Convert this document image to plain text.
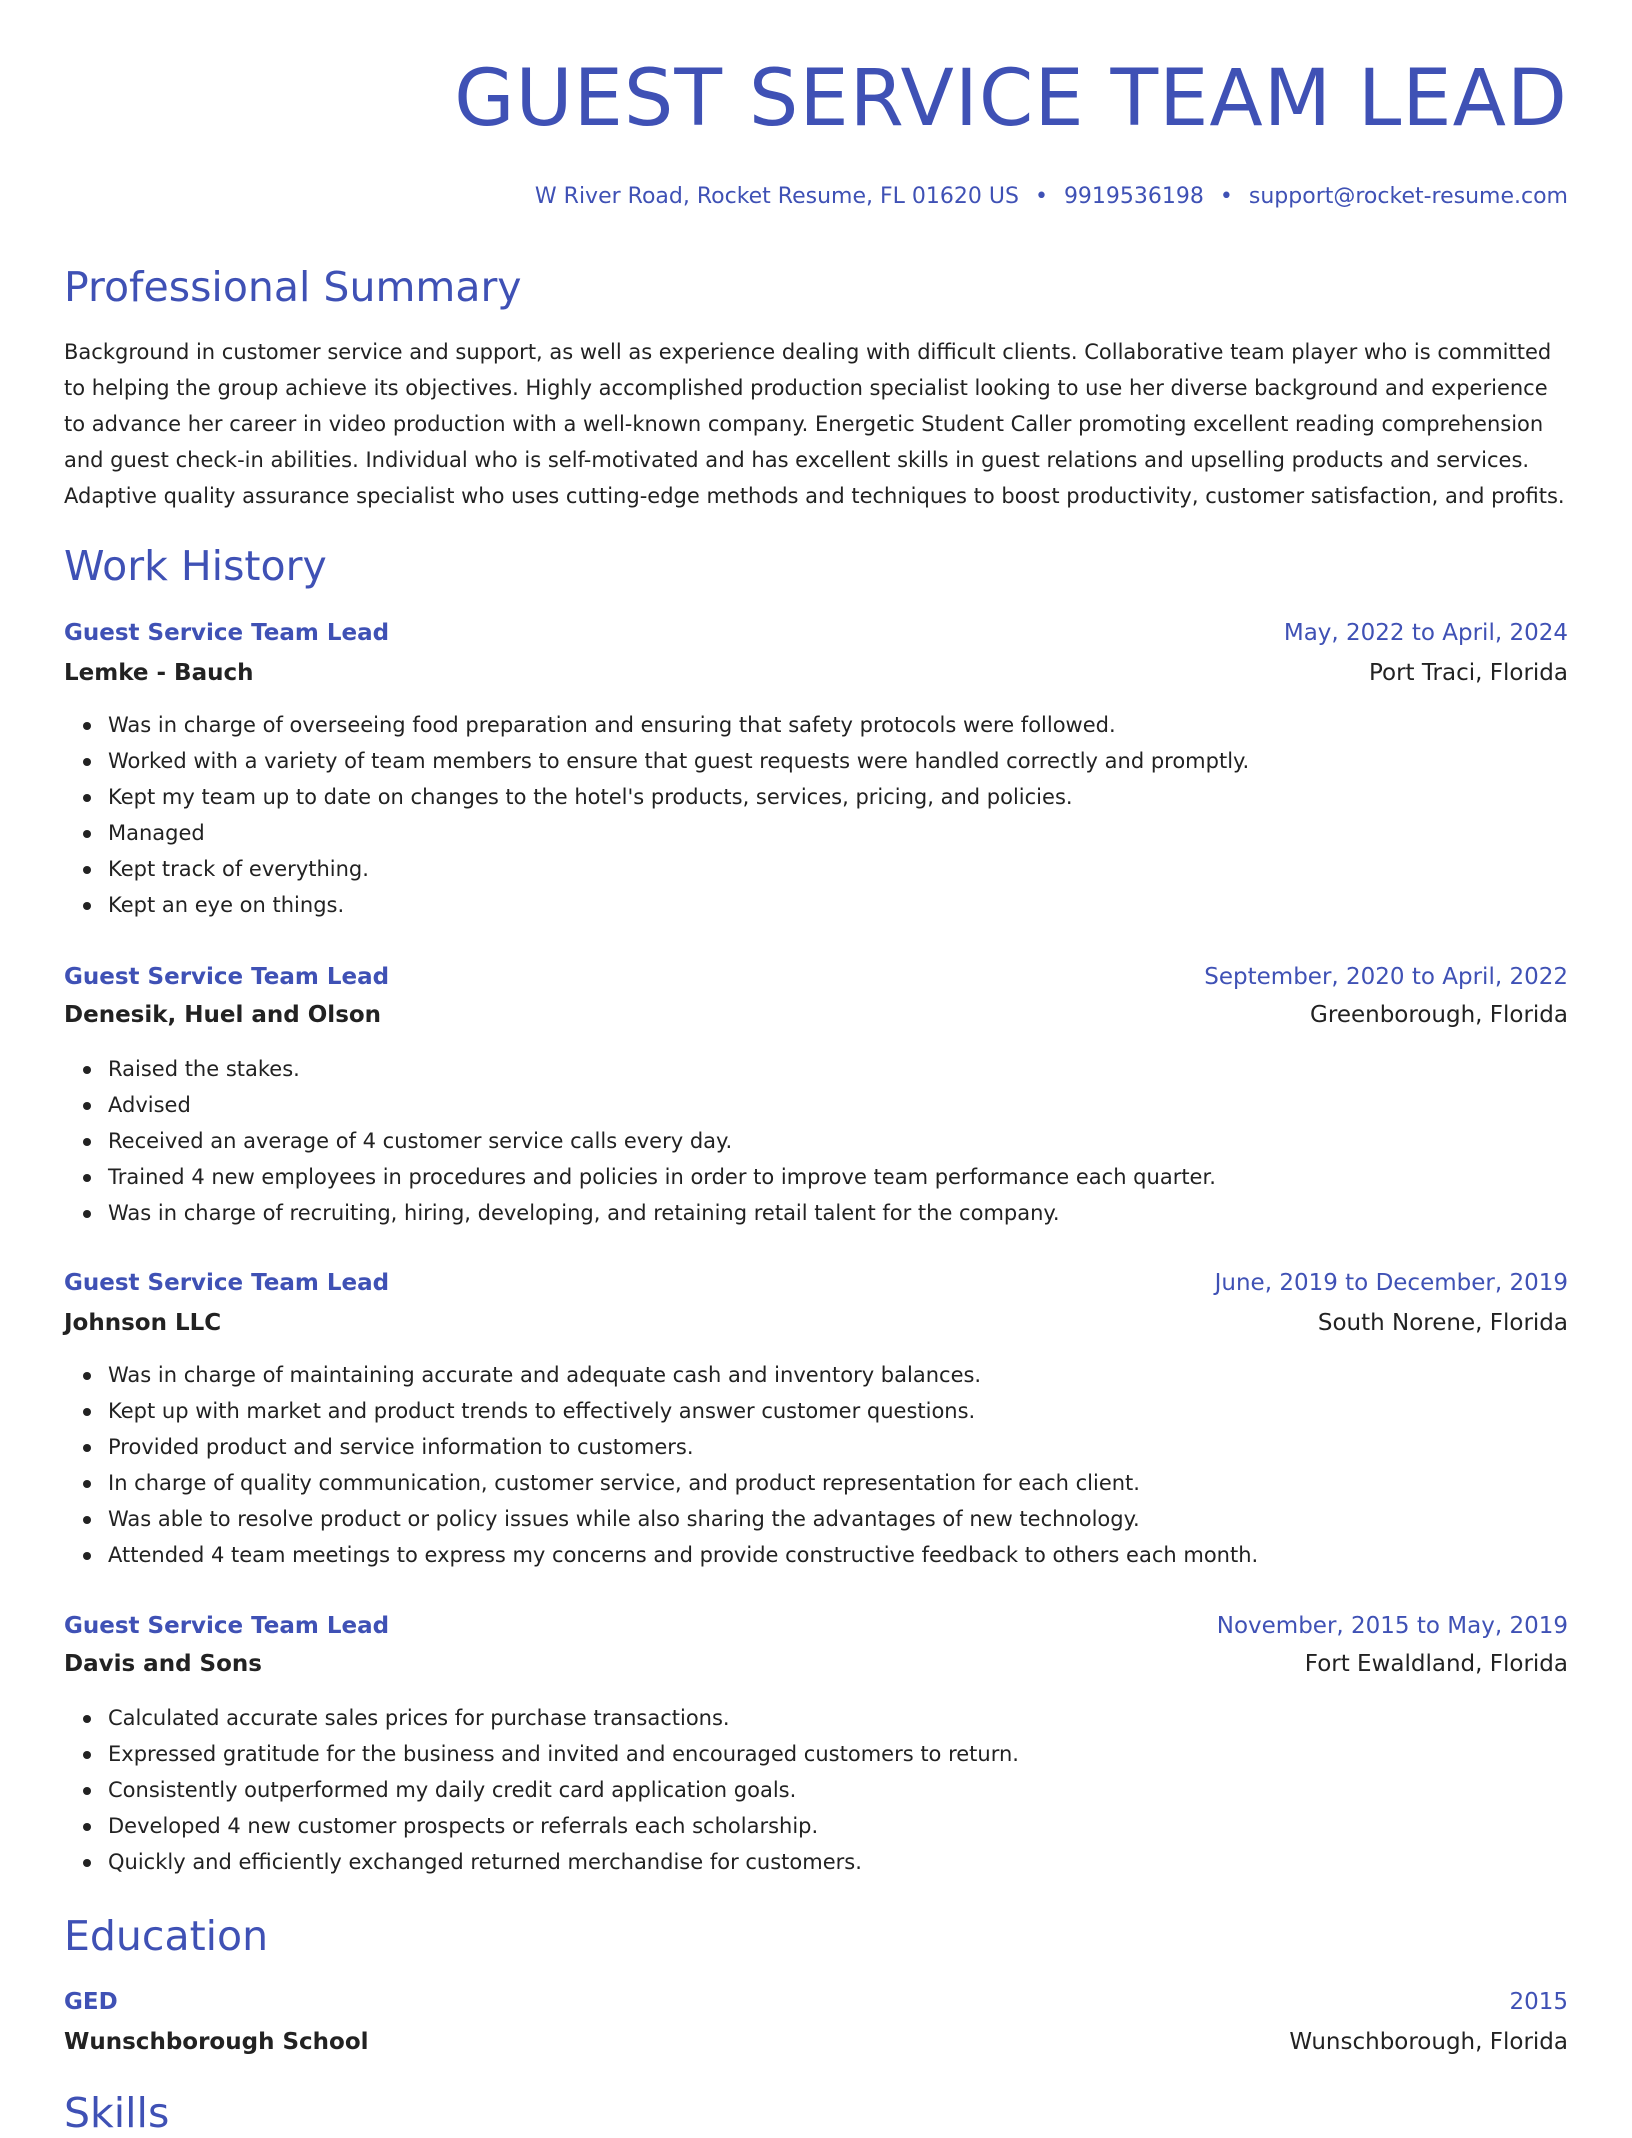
GUEST SERVICE TEAM LEAD
W River Road, Rocket Resume, FL 01620 US • 9919536198 • support@rocket-resume.com
Professional Summary

Background in customer service and support, as well as experience dealing with difficult clients. Collaborative team player who is committed to helping the group achieve its objectives. Highly accomplished production specialist looking to use her diverse background and experience to advance her career in video production with a well-known company. Energetic Student Caller promoting excellent reading comprehension and guest check-in abilities. Individual who is self-motivated and has excellent skills in guest relations and upselling products and services. Adaptive quality assurance specialist who uses cutting-edge methods and techniques to boost productivity, customer satisfaction, and profits.

Work History
Guest Service Team Lead	May, 2022 to April, 2024
Lemke - Bauch	Port Traci, Florida
Was in charge of overseeing food preparation and ensuring that safety protocols were followed.
Worked with a variety of team members to ensure that guest requests were handled correctly and promptly.
Kept my team up to date on changes to the hotel's products, services, pricing, and policies.
Managed
Kept track of everything.
Kept an eye on things.
Guest Service Team Lead	September, 2020 to April, 2022
Denesik, Huel and Olson	Greenborough, Florida
Raised the stakes.
Advised
Received an average of 4 customer service calls every day.
Trained 4 new employees in procedures and policies in order to improve team performance each quarter.
Was in charge of recruiting, hiring, developing, and retaining retail talent for the company.
Guest Service Team Lead	June, 2019 to December, 2019
Johnson LLC	South Norene, Florida
Was in charge of maintaining accurate and adequate cash and inventory balances.
Kept up with market and product trends to effectively answer customer questions.
Provided product and service information to customers.
In charge of quality communication, customer service, and product representation for each client.
Was able to resolve product or policy issues while also sharing the advantages of new technology.
Attended 4 team meetings to express my concerns and provide constructive feedback to others each month.
Guest Service Team Lead	November, 2015 to May, 2019
Davis and Sons	Fort Ewaldland, Florida
Calculated accurate sales prices for purchase transactions.
Expressed gratitude for the business and invited and encouraged customers to return.
Consistently outperformed my daily credit card application goals.
Developed 4 new customer prospects or referrals each scholarship.
Quickly and efficiently exchanged returned merchandise for customers.
Education
GED	2015
Wunschborough School	Wunschborough, Florida
Skills
